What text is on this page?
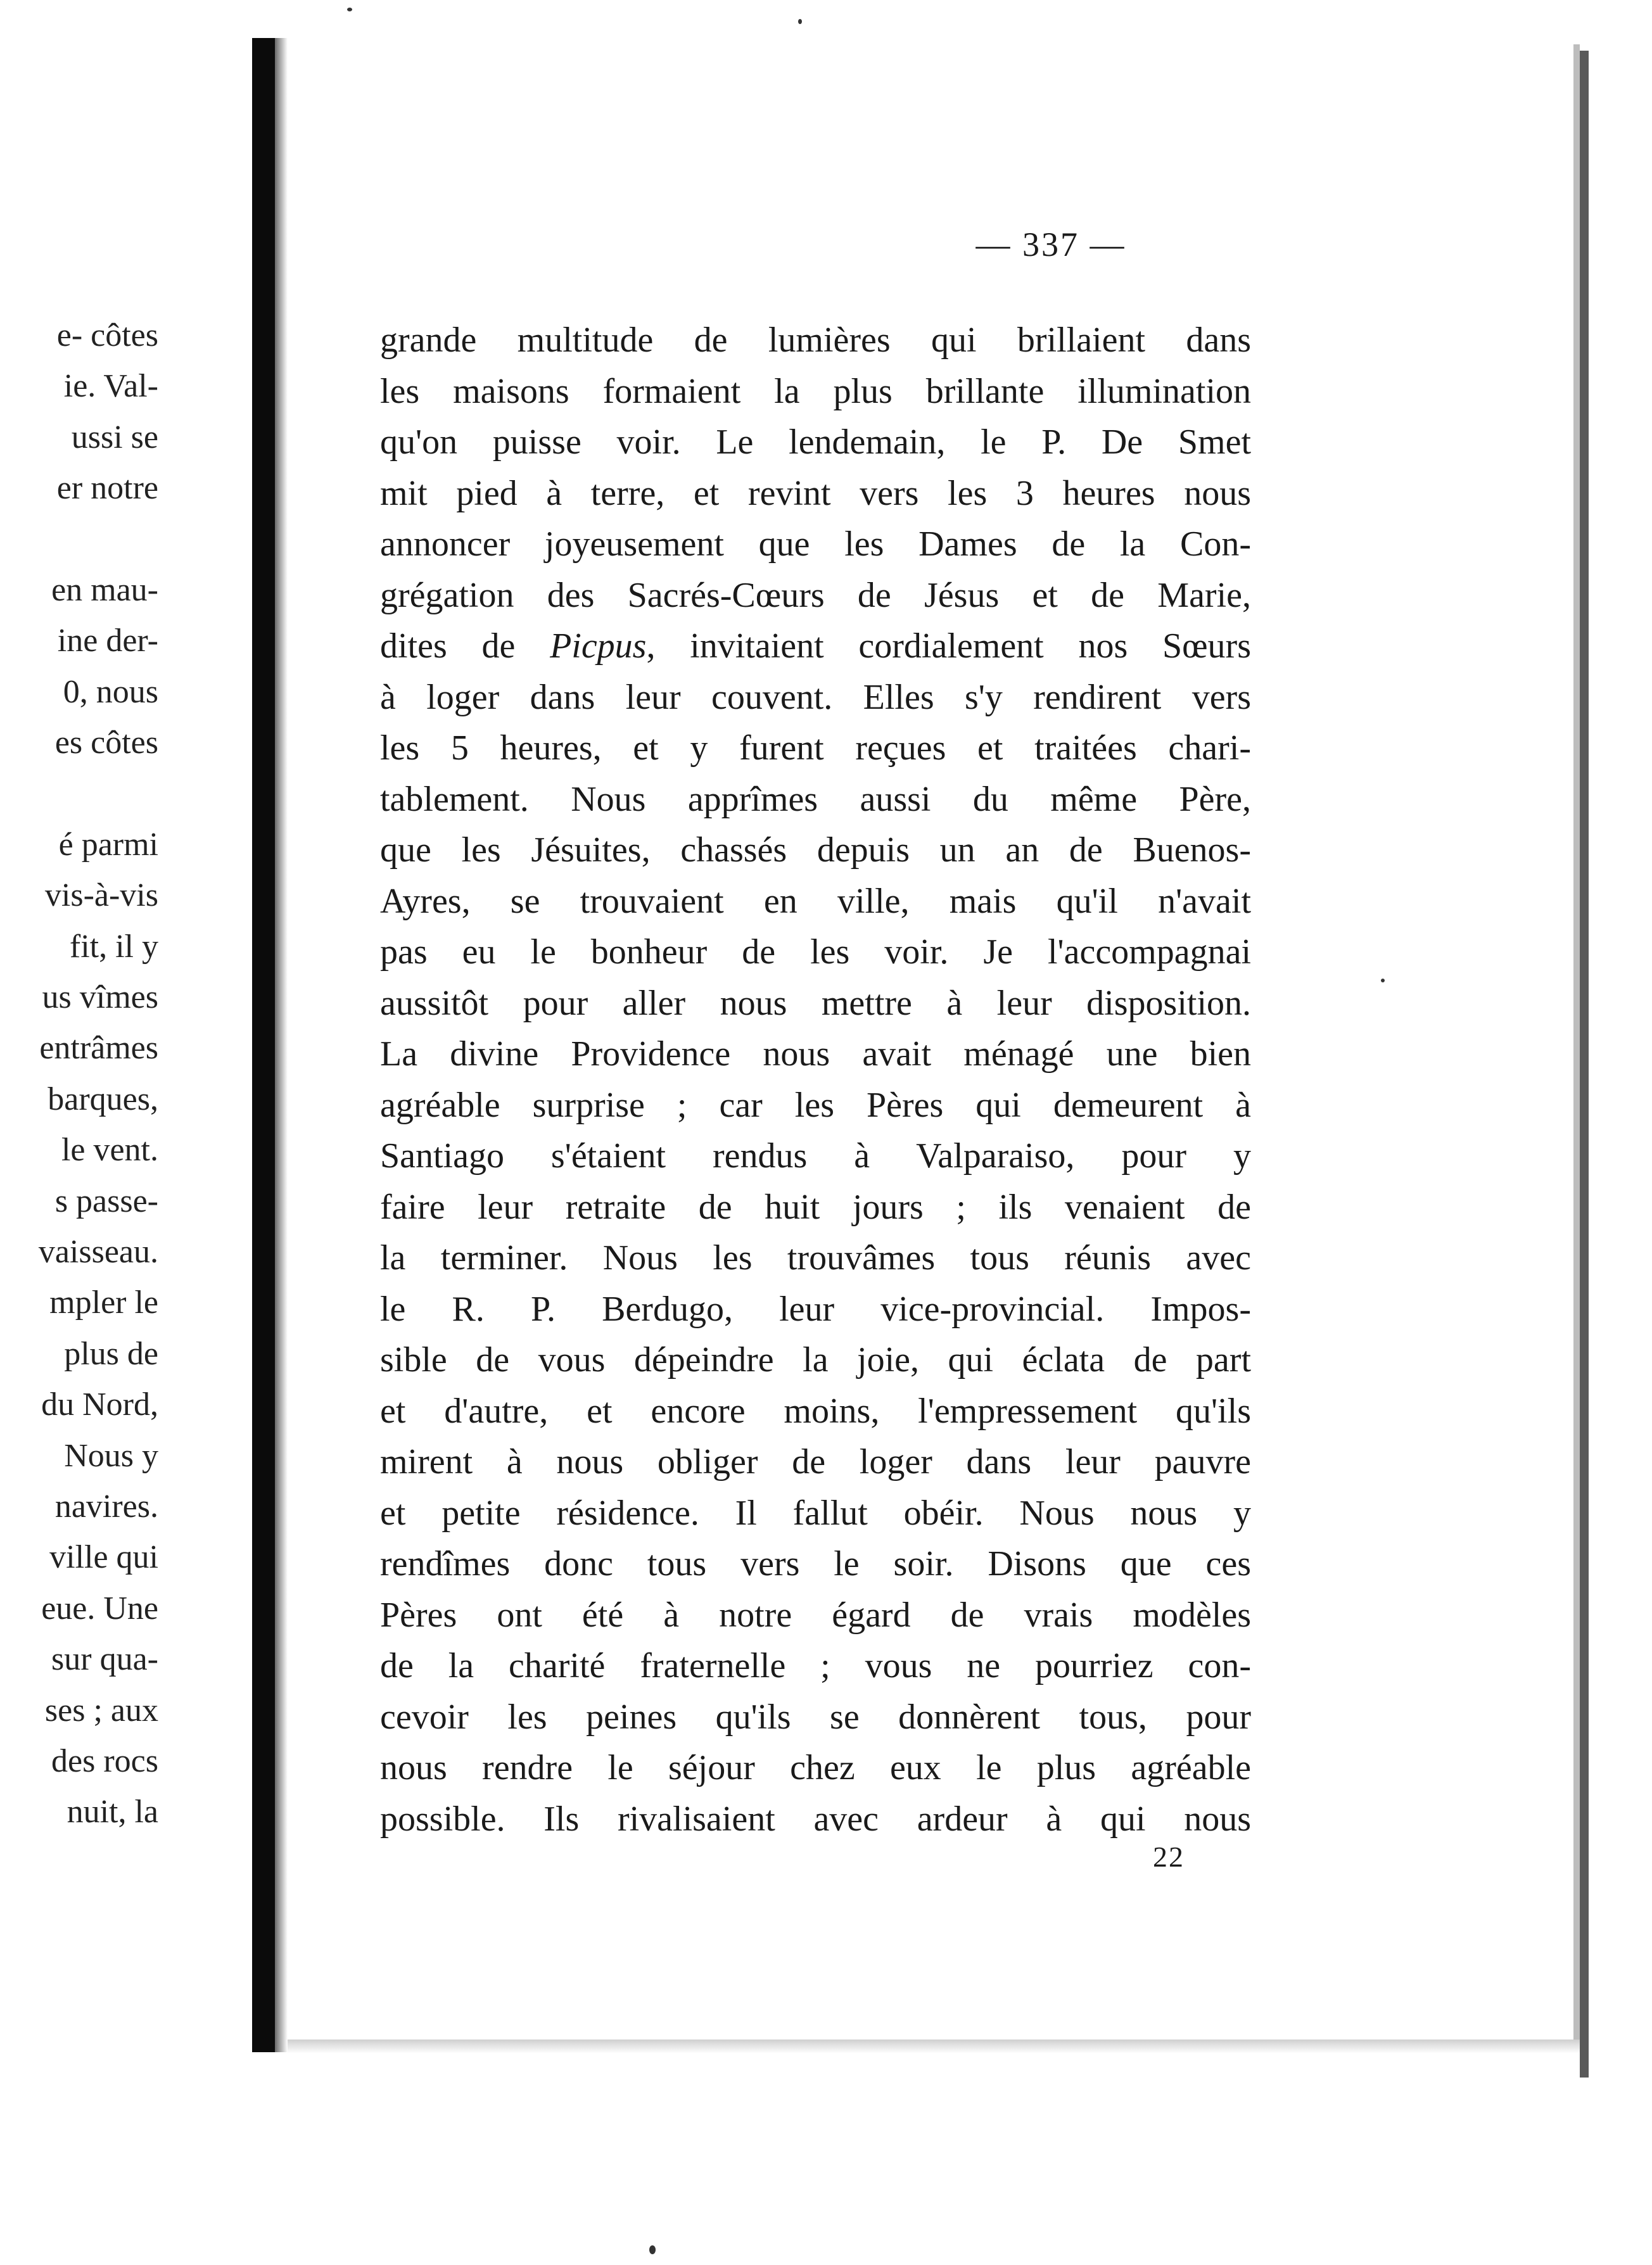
e- côtes
ie. Val-
ussi se
er notre
en mau-
ine der-
0, nous
es côtes
é parmi
vis-à-vis
fit, il y
us vîmes
entrâmes
barques,
le vent.
s passe-
vaisseau.
mpler le
plus de
du Nord,
Nous y
navires.
ville qui
eue. Une
sur qua-
ses ; aux
des rocs
nuit, la
— 337 —
grande multitude de lumières qui brillaient dans
les maisons formaient la plus brillante illumination
qu'on puisse voir. Le lendemain, le P. De Smet
mit pied à terre, et revint vers les 3 heures nous
annoncer joyeusement que les Dames de la Con-
grégation des Sacrés-Cœurs de Jésus et de Marie,
dites de Picpus, invitaient cordialement nos Sœurs
à loger dans leur couvent. Elles s'y rendirent vers
les 5 heures, et y furent reçues et traitées chari-
tablement. Nous apprîmes aussi du même Père,
que les Jésuites, chassés depuis un an de Buenos-
Ayres, se trouvaient en ville, mais qu'il n'avait
pas eu le bonheur de les voir. Je l'accompagnai
aussitôt pour aller nous mettre à leur disposition.
La divine Providence nous avait ménagé une bien
agréable surprise ; car les Pères qui demeurent à
Santiago s'étaient rendus à Valparaiso, pour y
faire leur retraite de huit jours ; ils venaient de
la terminer. Nous les trouvâmes tous réunis avec
le R. P. Berdugo, leur vice-provincial. Impos-
sible de vous dépeindre la joie, qui éclata de part
et d'autre, et encore moins, l'empressement qu'ils
mirent à nous obliger de loger dans leur pauvre
et petite résidence. Il fallut obéir. Nous nous y
rendîmes donc tous vers le soir. Disons que ces
Pères ont été à notre égard de vrais modèles
de la charité fraternelle ; vous ne pourriez con-
cevoir les peines qu'ils se donnèrent tous, pour
nous rendre le séjour chez eux le plus agréable
possible. Ils rivalisaient avec ardeur à qui nous
22
